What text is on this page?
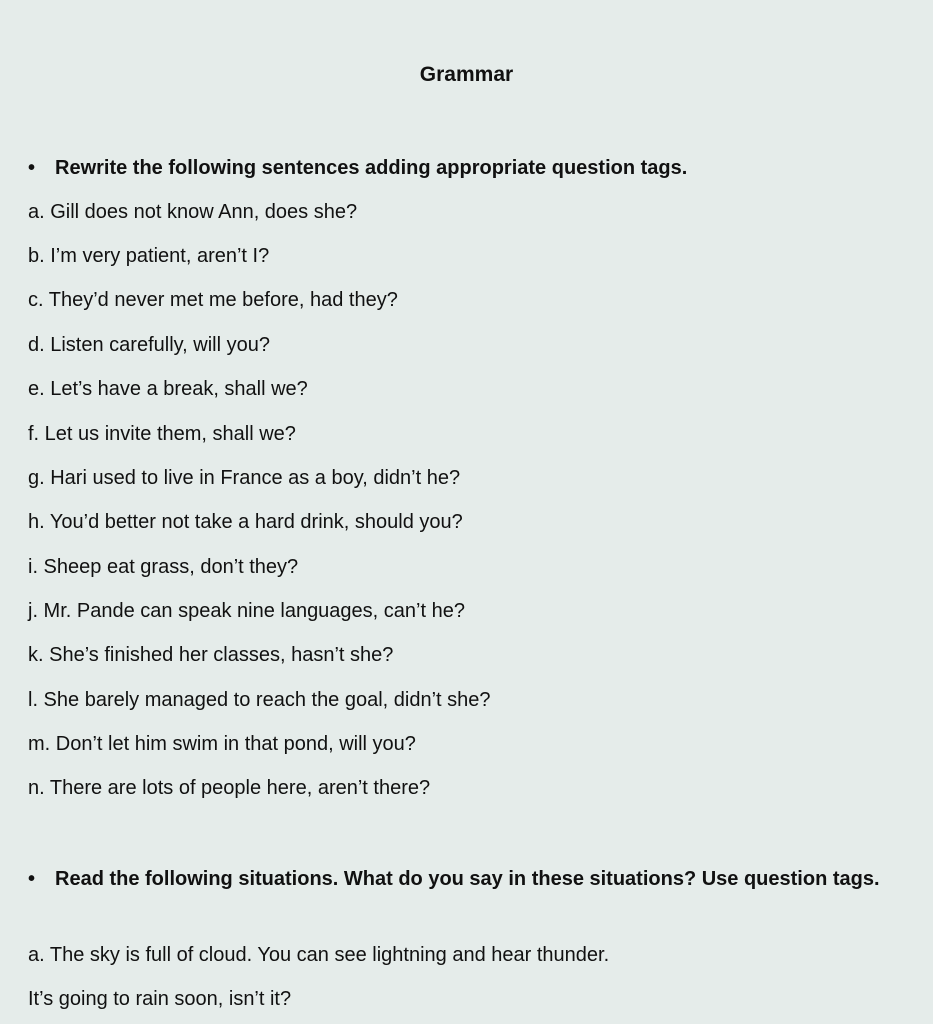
Grammar
• Rewrite the following sentences adding appropriate question tags.
a. Gill does not know Ann, does she?
b. I’m very patient, aren’t I?
c. They’d never met me before, had they?
d. Listen carefully, will you?
e. Let’s have a break, shall we?
f. Let us invite them, shall we?
g. Hari used to live in France as a boy, didn’t he?
h. You’d better not take a hard drink, should you?
i. Sheep eat grass, don’t they?
j. Mr. Pande can speak nine languages, can’t he?
k. She’s finished her classes, hasn’t she?
l. She barely managed to reach the goal, didn’t she?
m. Don’t let him swim in that pond, will you?
n. There are lots of people here, aren’t there?
• Read the following situations. What do you say in these situations? Use question tags.
a. The sky is full of cloud. You can see lightning and hear thunder.
It’s going to rain soon, isn’t it?
